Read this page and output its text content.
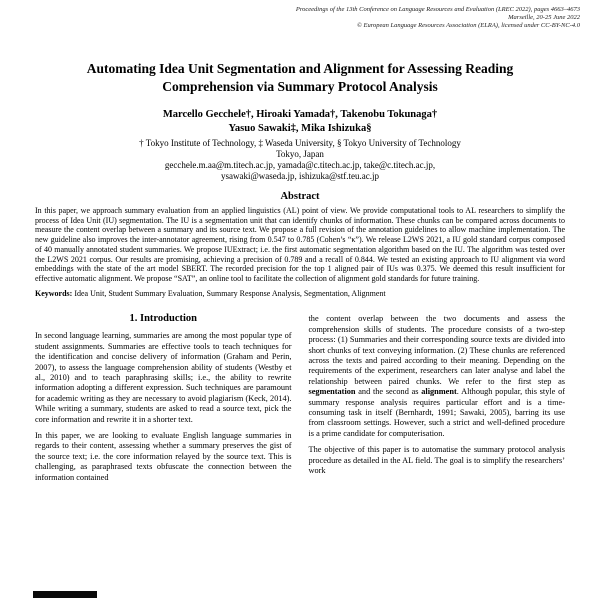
Proceedings of the 13th Conference on Language Resources and Evaluation (LREC 2022), pages 4663–4673
Marseille, 20-25 June 2022
© European Language Resources Association (ELRA), licensed under CC-BY-NC-4.0
Automating Idea Unit Segmentation and Alignment for Assessing Reading Comprehension via Summary Protocol Analysis
Marcello Gecchele†, Hiroaki Yamada†, Takenobu Tokunaga†
Yasuo Sawaki‡, Mika Ishizuka§
† Tokyo Institute of Technology, ‡ Waseda University, § Tokyo University of Technology
Tokyo, Japan
gecchele.m.aa@m.titech.ac.jp, yamada@c.titech.ac.jp, take@c.titech.ac.jp,
ysawaki@waseda.jp, ishizuka@stf.teu.ac.jp
Abstract
In this paper, we approach summary evaluation from an applied linguistics (AL) point of view. We provide computational tools to AL researchers to simplify the process of Idea Unit (IU) segmentation. The IU is a segmentation unit that can identify chunks of information. These chunks can be compared across documents to measure the content overlap between a summary and its source text. We propose a full revision of the annotation guidelines to allow machine implementation. The new guideline also improves the inter-annotator agreement, rising from 0.547 to 0.785 (Cohen’s “κ”). We release L2WS 2021, a IU gold standard corpus composed of 40 manually annotated student summaries. We propose IUExtract; i.e. the first automatic segmentation algorithm based on the IU. The algorithm was tested over the L2WS 2021 corpus. Our results are promising, achieving a precision of 0.789 and a recall of 0.844. We tested an existing approach to IU alignment via word embeddings with the state of the art model SBERT. The recorded precision for the top 1 aligned pair of IUs was 0.375. We deemed this result insufficient for effective automatic alignment. We propose “SAT”, an online tool to facilitate the collection of alignment gold standards for future training.
Keywords: Idea Unit, Student Summary Evaluation, Summary Response Analysis, Segmentation, Alignment
1. Introduction

In second language learning, summaries are among the most popular type of student assignments. Summaries are effective tools to teach techniques for the identification and concise delivery of information (Graham and Perin, 2007), to assess the language comprehension ability of students (Westby et al., 2010) and to teach paraphrasing skills; i.e., the ability to rewrite information adopting a different expression. Such techniques are paramount for academic writing as they are necessary to avoid plagiarism (Keck, 2014). While writing a summary, students are asked to read a source text, pick the core information and rewrite it in a shorter text.

In this paper, we are looking to evaluate English language summaries in regards to their content, assessing whether a summary preserves the gist of the source text; i.e. the core information relayed by the source text. This is challenging, as paraphrased texts obfuscate the connection between the information contained

the content overlap between the two documents and assess the comprehension skills of students. The procedure consists of a two-step process: (1) Summaries and their corresponding source texts are divided into short chunks of text conveying information. (2) These chunks are referenced across the texts and paired according to their meaning. Depending on the requirements of the experiment, researchers can later analyse and label the relationship between paired chunks. We refer to the first step as segmentation and the second as alignment. Although popular, this style of summary response analysis requires particular effort and is a time-consuming task in itself (Bernhardt, 1991; Sawaki, 2005), barring its use from classroom settings. However, such a strict and well-defined procedure is a prime candidate for computerisation.

The objective of this paper is to automatise the summary protocol analysis procedure as detailed in the AL field. The goal is to simplify the researchers’ work
